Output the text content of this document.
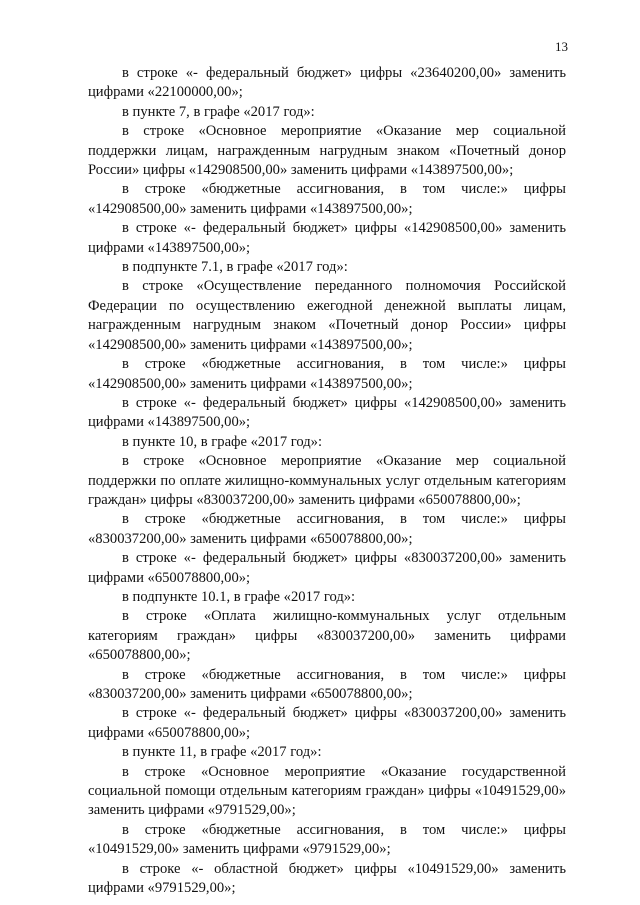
13

в строке «- федеральный бюджет» цифры «23640200,00» заменить цифрами «22100000,00»;

в пункте 7, в графе «2017 год»:

в строке «Основное мероприятие «Оказание мер социальной поддержки лицам, награжденным нагрудным знаком «Почетный донор России» цифры «142908500,00» заменить цифрами «143897500,00»;

в строке «бюджетные ассигнования, в том числе:» цифры «142908500,00» заменить цифрами «143897500,00»;

в строке «- федеральный бюджет» цифры «142908500,00» заменить цифрами «143897500,00»;

в подпункте 7.1, в графе «2017 год»:

в строке «Осуществление переданного полномочия Российской Федерации по осуществлению ежегодной денежной выплаты лицам, награжденным нагрудным знаком «Почетный донор России» цифры «142908500,00» заменить цифрами «143897500,00»;

в строке «бюджетные ассигнования, в том числе:» цифры «142908500,00» заменить цифрами «143897500,00»;

в строке «- федеральный бюджет» цифры «142908500,00» заменить цифрами «143897500,00»;

в пункте 10, в графе «2017 год»:

в строке «Основное мероприятие «Оказание мер социальной поддержки по оплате жилищно-коммунальных услуг отдельным категориям граждан» цифры «830037200,00» заменить цифрами «650078800,00»;

в строке «бюджетные ассигнования, в том числе:» цифры «830037200,00» заменить цифрами «650078800,00»;

в строке «- федеральный бюджет» цифры «830037200,00» заменить цифрами «650078800,00»;

в подпункте 10.1, в графе «2017 год»:

в строке «Оплата жилищно-коммунальных услуг отдельным категориям граждан» цифры «830037200,00» заменить цифрами «650078800,00»;

в строке «бюджетные ассигнования, в том числе:» цифры «830037200,00» заменить цифрами «650078800,00»;

в строке «- федеральный бюджет» цифры «830037200,00» заменить цифрами «650078800,00»;

в пункте 11, в графе «2017 год»:

в строке «Основное мероприятие «Оказание государственной социальной помощи отдельным категориям граждан» цифры «10491529,00» заменить цифрами «9791529,00»;

в строке «бюджетные ассигнования, в том числе:» цифры «10491529,00» заменить цифрами «9791529,00»;

в строке «- областной бюджет» цифры «10491529,00» заменить цифрами «9791529,00»;
